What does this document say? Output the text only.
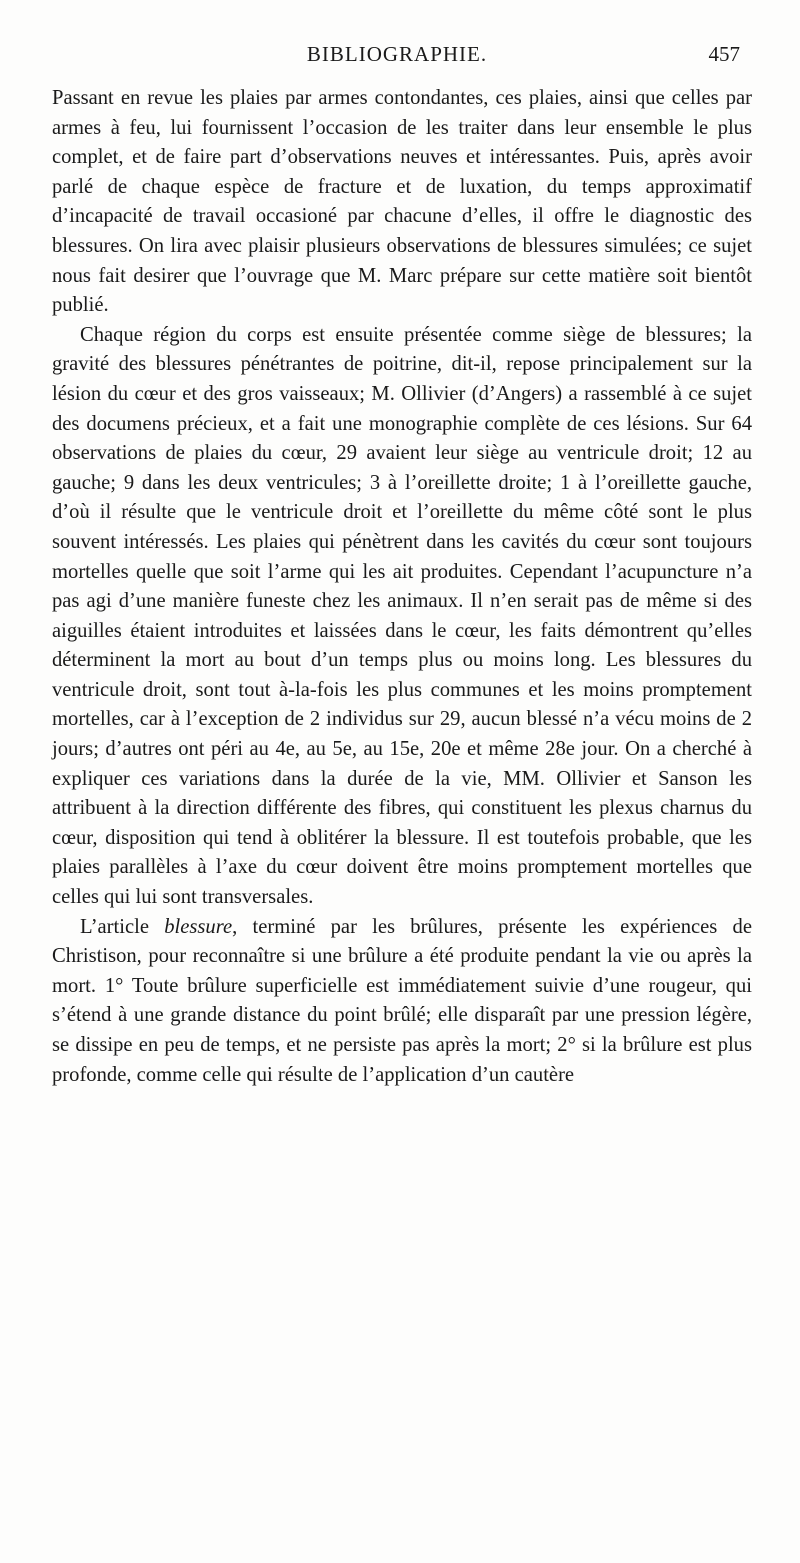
BIBLIOGRAPHIE.	457

Passant en revue les plaies par armes contondantes, ces plaies, ainsi que celles par armes à feu, lui fournissent l’occasion de les traiter dans leur ensemble le plus complet, et de faire part d’observations neuves et intéressantes. Puis, après avoir parlé de chaque espèce de fracture et de luxation, du temps approximatif d’incapacité de travail occasioné par chacune d’elles, il offre le diagnostic des blessures. On lira avec plaisir plusieurs observations de blessures simulées; ce sujet nous fait desirer que l’ouvrage que M. Marc prépare sur cette matière soit bientôt publié.

Chaque région du corps est ensuite présentée comme siège de blessures; la gravité des blessures pénétrantes de poitrine, dit-il, repose principalement sur la lésion du cœur et des gros vaisseaux; M. Ollivier (d’Angers) a rassemblé à ce sujet des documens précieux, et a fait une monographie complète de ces lésions. Sur 64 observations de plaies du cœur, 29 avaient leur siège au ventricule droit; 12 au gauche; 9 dans les deux ventricules; 3 à l’oreillette droite; 1 à l’oreillette gauche, d’où il résulte que le ventricule droit et l’oreillette du même côté sont le plus souvent intéressés. Les plaies qui pénètrent dans les cavités du cœur sont toujours mortelles quelle que soit l’arme qui les ait produites. Cependant l’acupuncture n’a pas agi d’une manière funeste chez les animaux. Il n’en serait pas de même si des aiguilles étaient introduites et laissées dans le cœur, les faits démontrent qu’elles déterminent la mort au bout d’un temps plus ou moins long. Les blessures du ventricule droit, sont tout à-la-fois les plus communes et les moins promptement mortelles, car à l’exception de 2 individus sur 29, aucun blessé n’a vécu moins de 2 jours; d’autres ont péri au 4e, au 5e, au 15e, 20e et même 28e jour. On a cherché à expliquer ces variations dans la durée de la vie, MM. Ollivier et Sanson les attribuent à la direction différente des fibres, qui constituent les plexus charnus du cœur, disposition qui tend à oblitérer la blessure. Il est toutefois probable, que les plaies parallèles à l’axe du cœur doivent être moins promptement mortelles que celles qui lui sont transversales.

L’article blessure, terminé par les brûlures, présente les expériences de Christison, pour reconnaître si une brûlure a été produite pendant la vie ou après la mort. 1° Toute brûlure superficielle est immédiatement suivie d’une rougeur, qui s’étend à une grande distance du point brûlé; elle disparaît par une pression légère, se dissipe en peu de temps, et ne persiste pas après la mort; 2° si la brûlure est plus profonde, comme celle qui résulte de l’application d’un cautère
